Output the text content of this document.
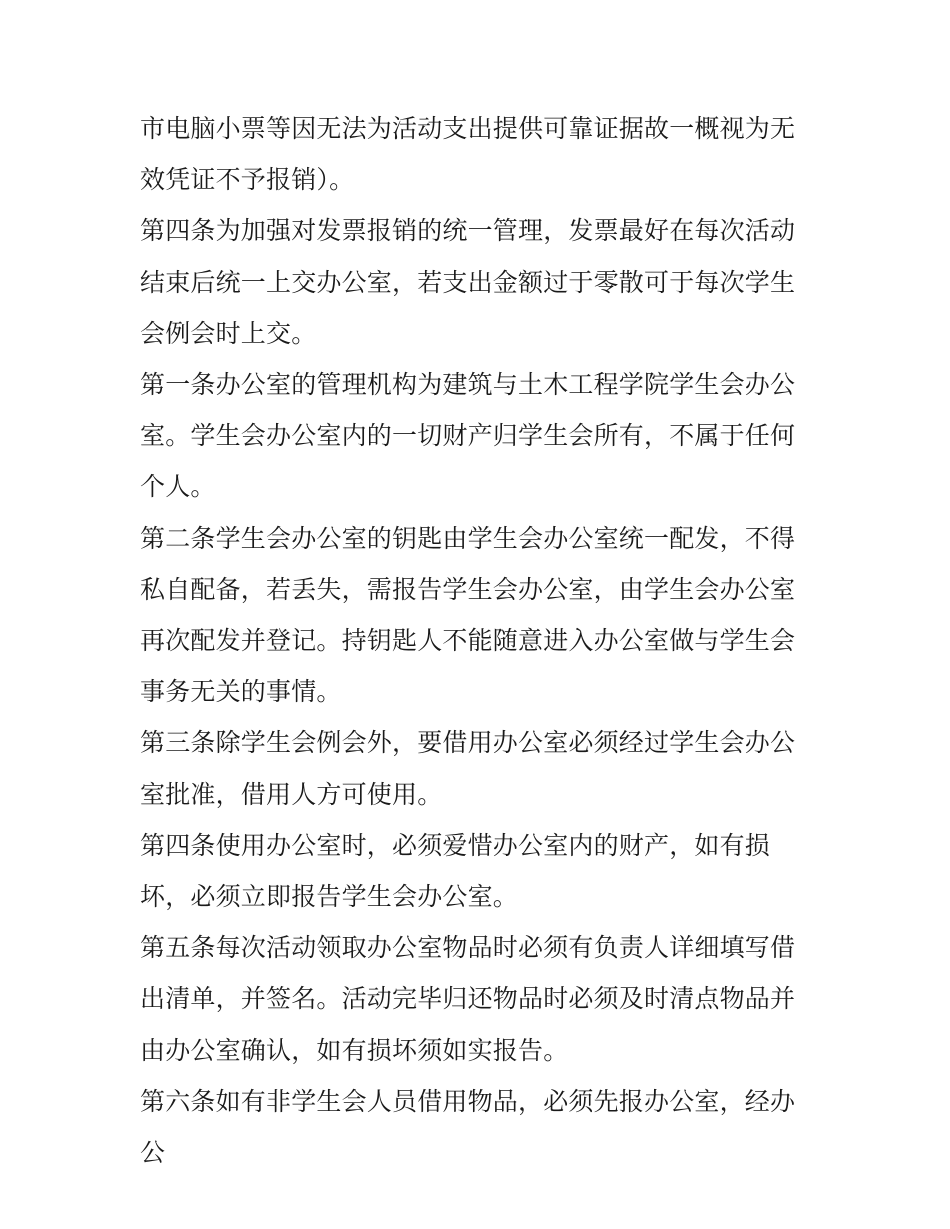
市电脑小票等因无法为活动支出提供可靠证据故一概视为无效凭证不予报销）。

第四条为加强对发票报销的统一管理，发票最好在每次活动结束后统一上交办公室，若支出金额过于零散可于每次学生会例会时上交。

第一条办公室的管理机构为建筑与土木工程学院学生会办公室。学生会办公室内的一切财产归学生会所有，不属于任何个人。

第二条学生会办公室的钥匙由学生会办公室统一配发，不得私自配备，若丢失，需报告学生会办公室，由学生会办公室再次配发并登记。持钥匙人不能随意进入办公室做与学生会事务无关的事情。

第三条除学生会例会外，要借用办公室必须经过学生会办公室批准，借用人方可使用。

第四条使用办公室时，必须爱惜办公室内的财产，如有损坏，必须立即报告学生会办公室。

第五条每次活动领取办公室物品时必须有负责人详细填写借出清单，并签名。活动完毕归还物品时必须及时清点物品并由办公室确认，如有损坏须如实报告。

第六条如有非学生会人员借用物品，必须先报办公室，经办公
